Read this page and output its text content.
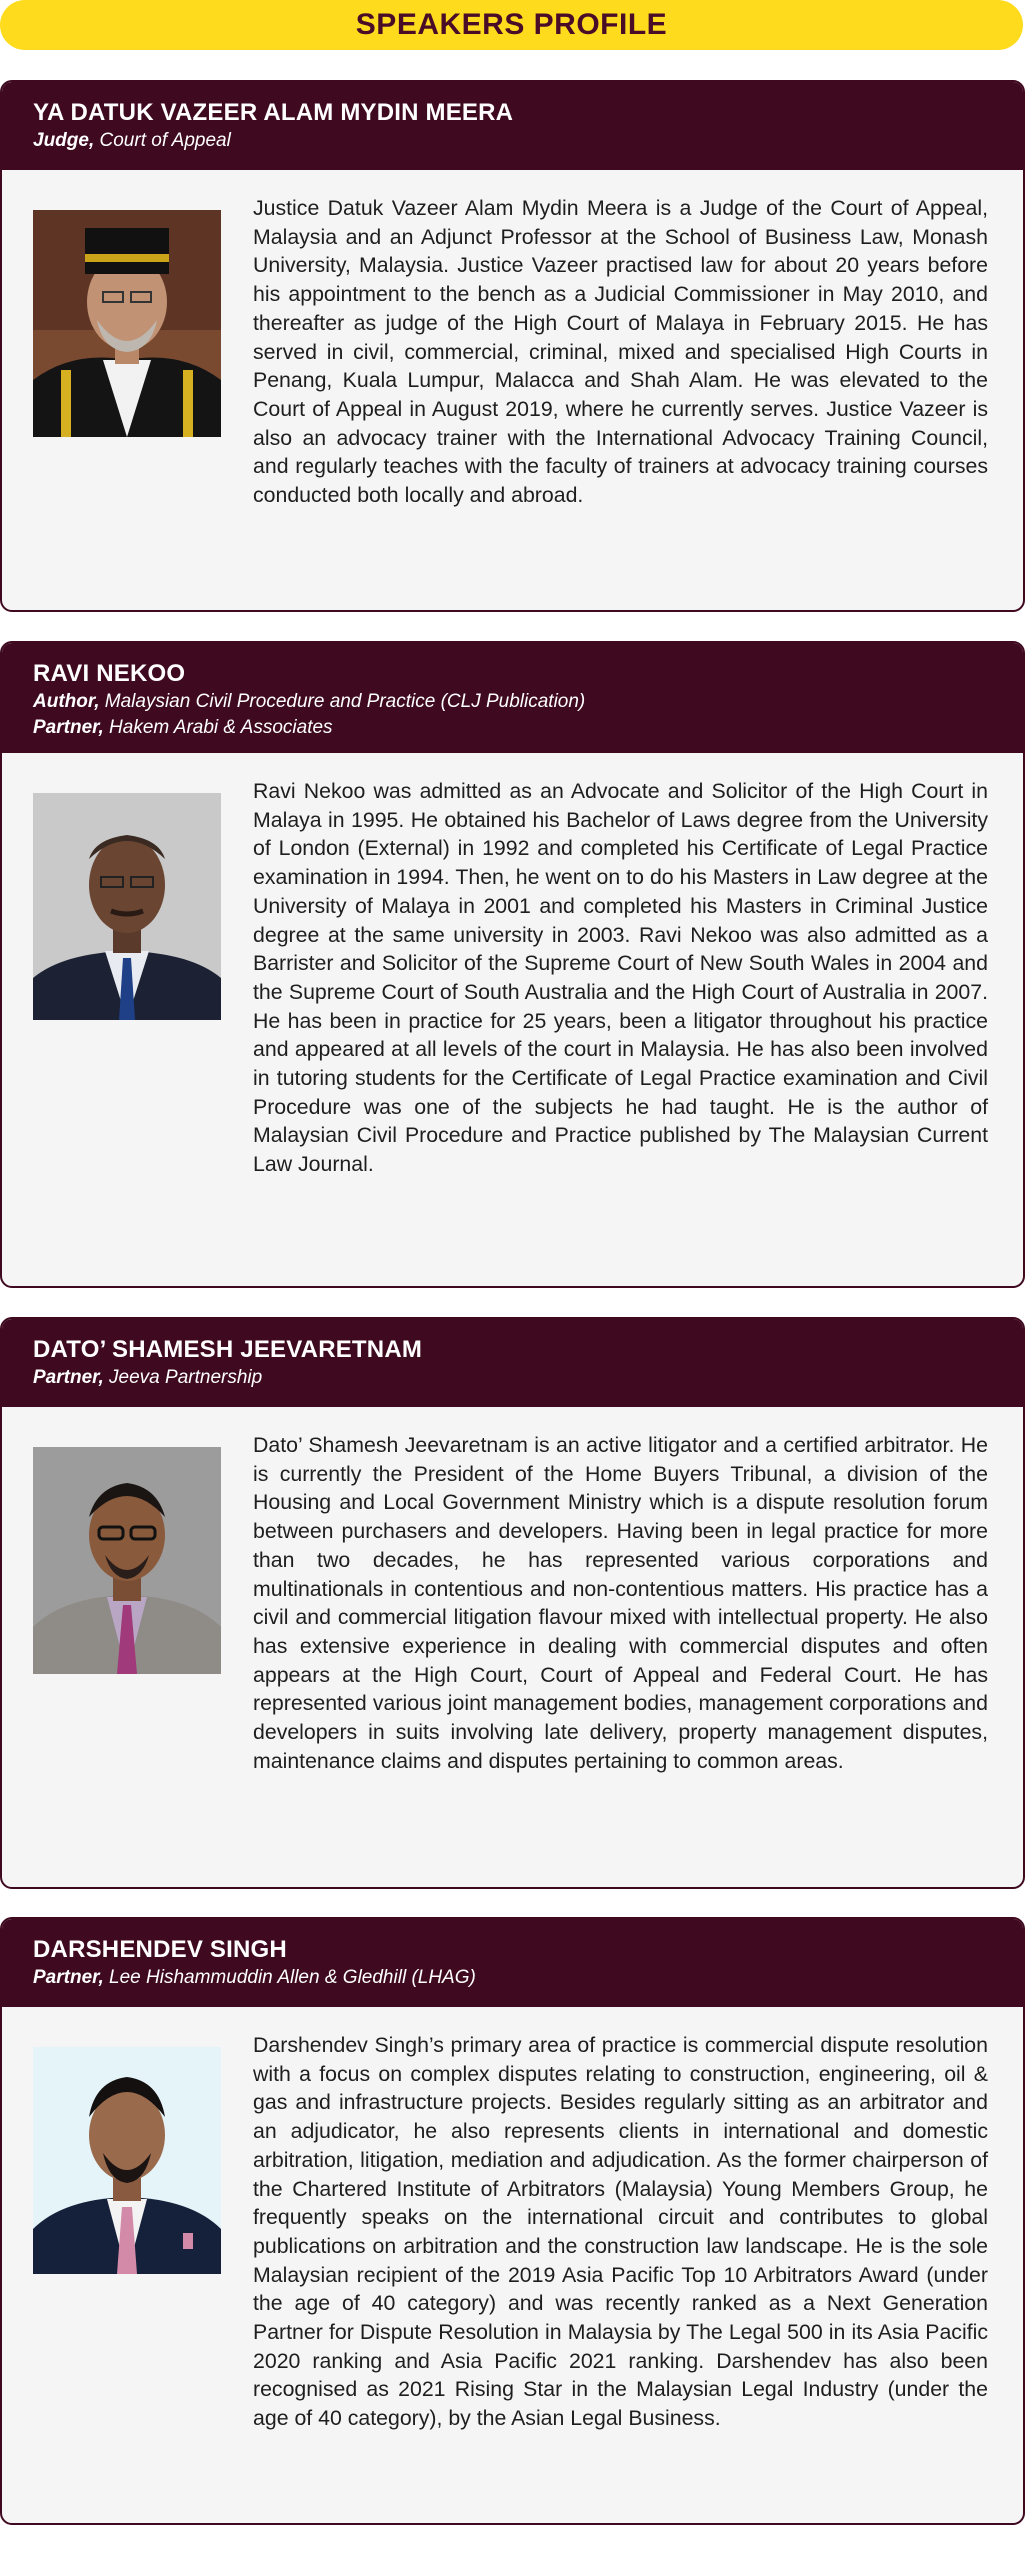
SPEAKERS PROFILE
YA DATUK VAZEER ALAM MYDIN MEERA
Judge, Court of Appeal

Justice Datuk Vazeer Alam Mydin Meera is a Judge of the Court of Appeal, Malaysia and an Adjunct Professor at the School of Business Law, Monash University, Malaysia. Justice Vazeer practised law for about 20 years before his appointment to the bench as a Judicial Commissioner in May 2010, and thereafter as judge of the High Court of Malaya in February 2015. He has served in civil, commercial, criminal, mixed and specialised High Courts in Penang, Kuala Lumpur, Malacca and Shah Alam. He was elevated to the Court of Appeal in August 2019, where he currently serves. Justice Vazeer is also an advocacy trainer with the International Advocacy Training Council, and regularly teaches with the faculty of trainers at advocacy training courses conducted both locally and abroad.

RAVI NEKOO
Author, Malaysian Civil Procedure and Practice (CLJ Publication)
Partner, Hakem Arabi & Associates

Ravi Nekoo was admitted as an Advocate and Solicitor of the High Court in Malaya in 1995. He obtained his Bachelor of Laws degree from the University of London (External) in 1992 and completed his Certificate of Legal Practice examination in 1994. Then, he went on to do his Masters in Law degree at the University of Malaya in 2001 and completed his Masters in Criminal Justice degree at the same university in 2003. Ravi Nekoo was also admitted as a Barrister and Solicitor of the Supreme Court of New South Wales in 2004 and the Supreme Court of South Australia and the High Court of Australia in 2007. He has been in practice for 25 years, been a litigator throughout his practice and appeared at all levels of the court in Malaysia. He has also been involved in tutoring students for the Certificate of Legal Practice examination and Civil Procedure was one of the subjects he had taught. He is the author of Malaysian Civil Procedure and Practice published by The Malaysian Current Law Journal.

DATO’ SHAMESH JEEVARETNAM
Partner, Jeeva Partnership

Dato’ Shamesh Jeevaretnam is an active litigator and a certified arbitrator. He is currently the President of the Home Buyers Tribunal, a division of the Housing and Local Government Ministry which is a dispute resolution forum between purchasers and developers. Having been in legal practice for more than two decades, he has represented various corporations and multinationals in contentious and non-contentious matters. His practice has a civil and commercial litigation flavour mixed with intellectual property. He also has extensive experience in dealing with commercial disputes and often appears at the High Court, Court of Appeal and Federal Court. He has represented various joint management bodies, management corporations and developers in suits involving late delivery, property management disputes, maintenance claims and disputes pertaining to common areas.

DARSHENDEV SINGH
Partner, Lee Hishammuddin Allen & Gledhill (LHAG)

Darshendev Singh’s primary area of practice is commercial dispute resolution with a focus on complex disputes relating to construction, engineering, oil & gas and infrastructure projects. Besides regularly sitting as an arbitrator and an adjudicator, he also represents clients in international and domestic arbitration, litigation, mediation and adjudication. As the former chairperson of the Chartered Institute of Arbitrators (Malaysia) Young Members Group, he frequently speaks on the international circuit and contributes to global publications on arbitration and the construction law landscape. He is the sole Malaysian recipient of the 2019 Asia Pacific Top 10 Arbitrators Award (under the age of 40 category) and was recently ranked as a Next Generation Partner for Dispute Resolution in Malaysia by The Legal 500 in its Asia Pacific 2020 ranking and Asia Pacific 2021 ranking. Darshendev has also been recognised as 2021 Rising Star in the Malaysian Legal Industry (under the age of 40 category), by the Asian Legal Business.
